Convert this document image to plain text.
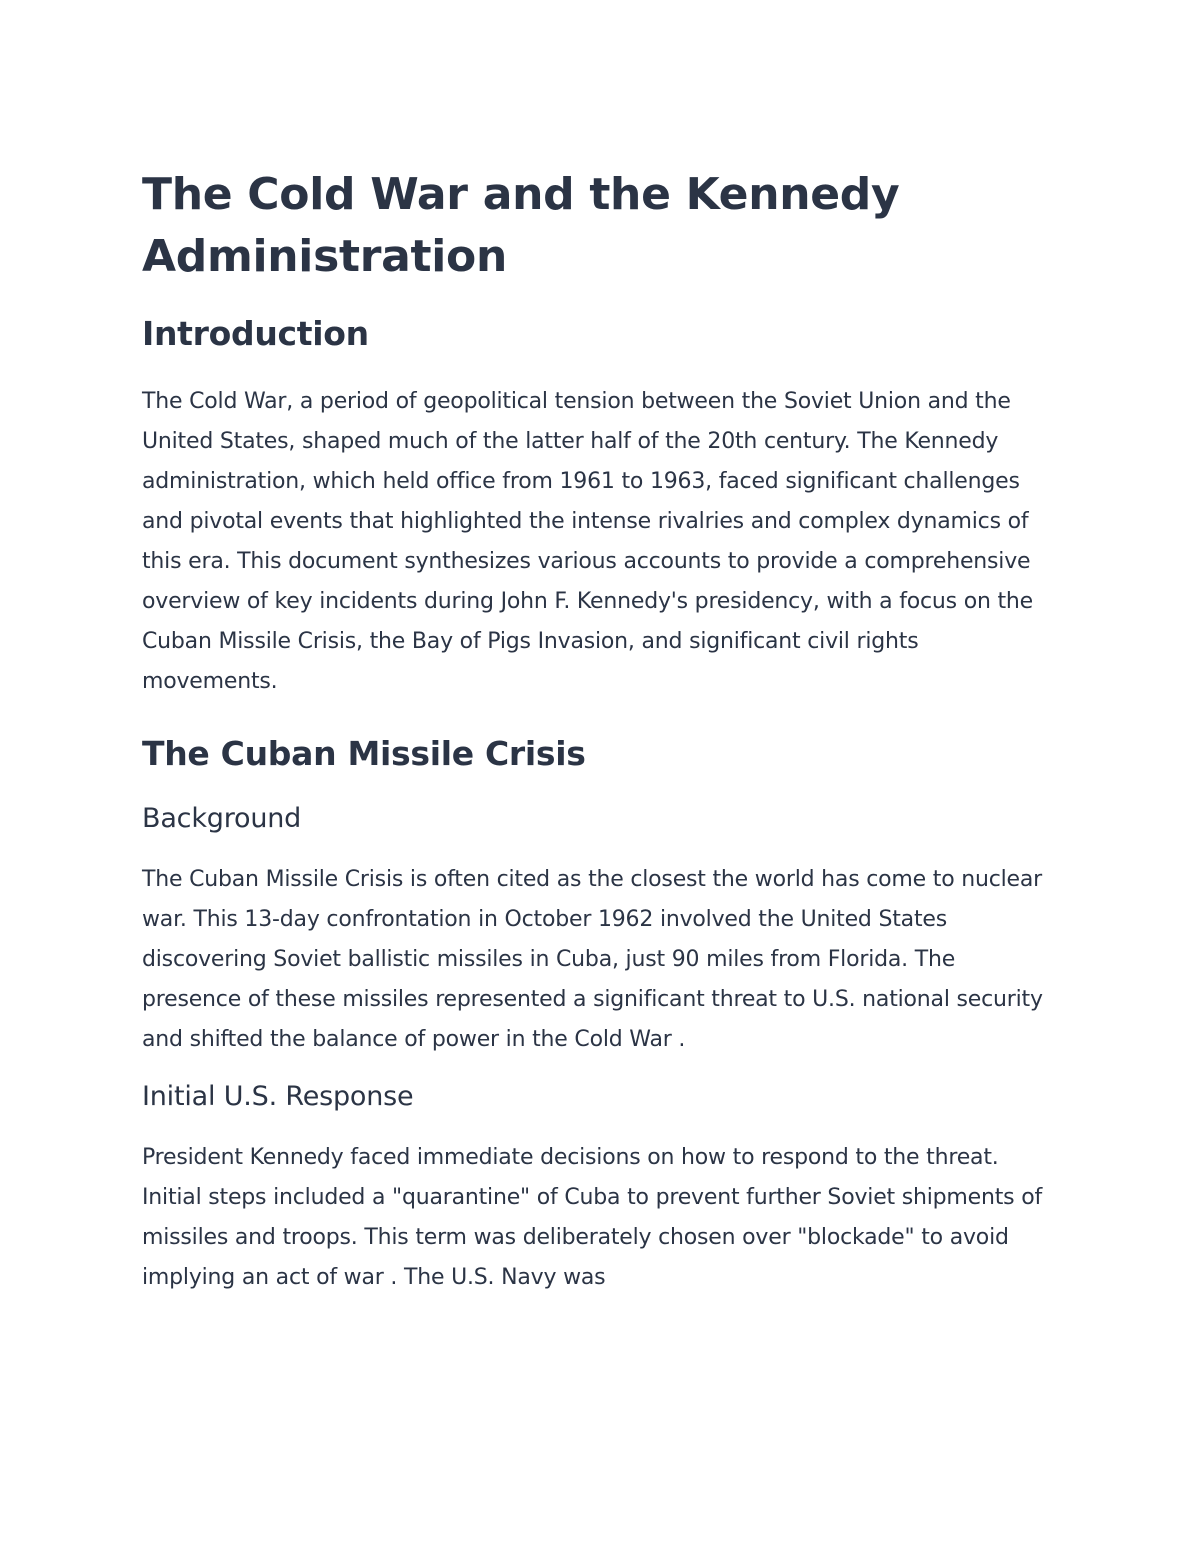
The Cold War and the Kennedy Administration
Introduction

The Cold War, a period of geopolitical tension between the Soviet Union and the United States, shaped much of the latter half of the 20th century. The Kennedy administration, which held office from 1961 to 1963, faced significant challenges and pivotal events that highlighted the intense rivalries and complex dynamics of this era. This document synthesizes various accounts to provide a comprehensive overview of key incidents during John F. Kennedy's presidency, with a focus on the Cuban Missile Crisis, the Bay of Pigs Invasion, and significant civil rights movements.

The Cuban Missile Crisis
Background

The Cuban Missile Crisis is often cited as the closest the world has come to nuclear war. This 13-day confrontation in October 1962 involved the United States discovering Soviet ballistic missiles in Cuba, just 90 miles from Florida. The presence of these missiles represented a significant threat to U.S. national security and shifted the balance of power in the Cold War .

Initial U.S. Response

President Kennedy faced immediate decisions on how to respond to the threat. Initial steps included a "quarantine" of Cuba to prevent further Soviet shipments of missiles and troops. This term was deliberately chosen over "blockade" to avoid implying an act of war . The U.S. Navy was
